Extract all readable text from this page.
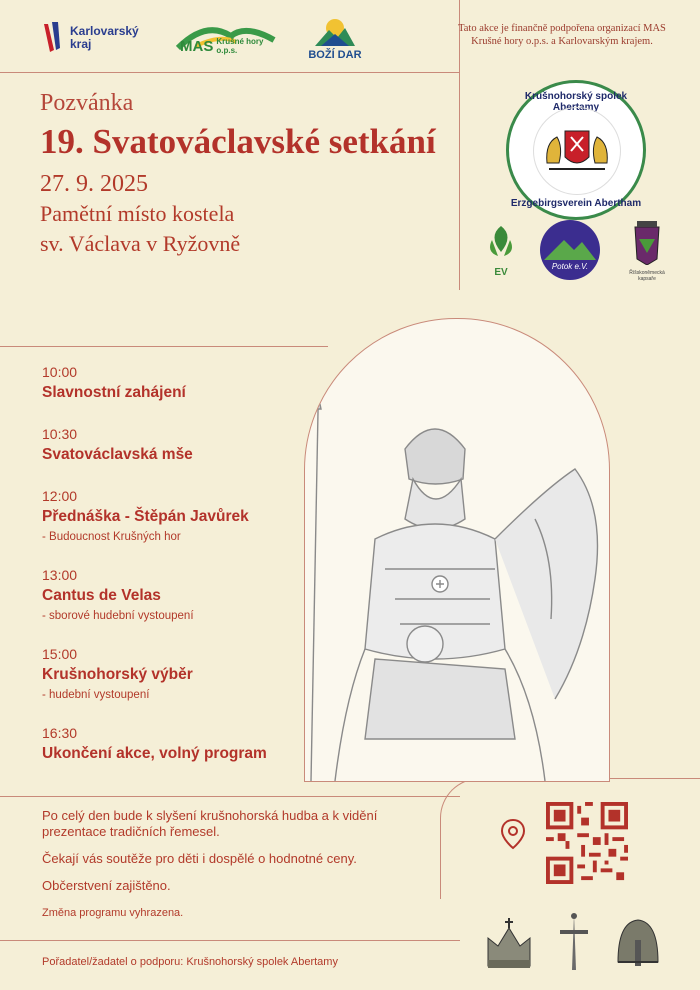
Karlovarský kraj	MAS Krušné hory o.p.s.	BOŽÍ DAR
Tato akce je finančně podpořena organizací MAS Krušné hory o.p.s. a Karlovarským krajem.
Pozvánka
19. Svatováclavské setkání
27. 9. 2025
Pamětní místo kostela
sv. Václava v Ryžovně
Krušnohorský spolek Abertamy
Erzgebirgsverein Abertham
EV
Potok e.V.
Říšskoněmecká kapsaře
10:00
Slavnostní zahájení
10:30
Svatováclavská mše
12:00
Přednáška - Štěpán Javůrek
- Budoucnost Krušných hor
13:00
Cantus de Velas
- sborové hudební vystoupení
15:00
Krušnohorský výběr
- hudební vystoupení
16:30
Ukončení akce, volný program

Po celý den bude k slyšení krušnohorská hudba a k vidění prezentace tradičních řemesel.

Čekají vás soutěže pro děti i dospělé o hodnotné ceny.

Občerstvení zajištěno.

Změna programu vyhrazena.

Pořadatel/žadatel o podporu: Krušnohorský spolek Abertamy
